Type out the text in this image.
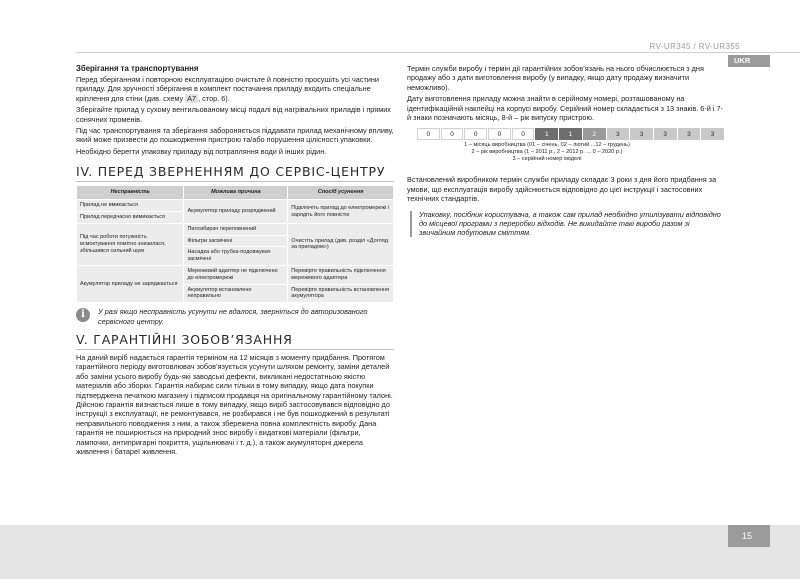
RV-UR345 / RV-UR355
UKR
Зберігання та транспортування

Перед зберіганням і повторною експлуатацією очистьте й повністю просушіть усі частини приладу. Для зручності зберігання в комплект постачання приладу входить спеціальне кріплення для стіни (див. схему A7 , стор. 6).

Зберігайте прилад у сухому вентильованому місці подалі від нагрівальних приладів і прямих сонячних променів.

Під час транспортування та зберігання забороняється піддавати прилад механічному впливу, який може призвести до пошкодження пристрою та/або порушення цілісності упаковки.

Необхідно берегти упаковку приладу від потрапляння води й інших рідин.

IV. ПЕРЕД ЗВЕРНЕННЯМ ДО СЕРВІС-ЦЕНТРУ
Несправність	Можлива причина	Спосіб усунення
Прилад не вмикається	Акумулятор приладу розряджений	Підключіть прилад до електромережі і зарядіть його повністю
Прилад передчасно вимикається		
Під час роботи потужність всмоктування помітно знизилася, збільшився сильний шум	Пилозбирач переповнений	Очистіть прилад (див. розділ «Догляд за приладом»)
	Фільтри засмічені	
	Насадка або трубка-подовжувач засмічені	
Акумулятор приладу не заряджається	Мережевий адаптер не підключено до електромережі	Перевірте правильність підключення мережевого адаптера
	Акумулятор встановлено неправильно	Перевірте правильність встановлення акумулятора
i	У разі якщо несправність усунути не вдалося, зверніться до авторизованого сервісного центру.

V. ГАРАНТІЙНІ ЗОБОВ’ЯЗАННЯ

На даний виріб надається гарантія терміном на 12 місяців з моменту придбання. Протягом гарантійного періоду виготовлювач зобов’язується усунути шляхом ремонту, заміни деталей або заміни усього виробу будь-які заводські дефекти, викликані недостатньою якістю матеріалів або зборки. Гарантія набирає сили тільки в тому випадку, якщо дата покупки підтверджена печаткою магазину і підписом продавця на оригінальному гарантійному талоні. Дійсною гарантія визнається лише в тому випадку, якщо виріб застосовувався відповідно до інструкції з експлуатації, не ремонтувався, не розбирався і не був пошкоджений в результаті неправильного поводження з ним, а також збережена повна комплектність виробу. Дана гарантія не поширюється на природний знос виробу і видаткові матеріали (фільтри, лампочки, антипригарні покриття, ущільнювачі і т. д.), а також акумуляторні джерела живлення і батареї живлення.

Термін служби виробу і термін дії гарантійних зобов’язань на нього обчислюється з дня продажу або з дати виготовлення виробу (у випадку, якщо дату продажу визначити неможливо).

Дату виготовлення приладу можна знайти в серійному номері, розташованому на ідентифікаційній наклейці на корпусі виробу. Серійний номер складається з 13 знаків. 6-й і 7-й знаки позначають місяць, 8-й – рік випуску пристрою.

0	0	0	0	0	1	1	2	3	3	3	3	3
1 – місяць виробництва (01 – січень, 02 – лютий ...12 – грудень)
2 – рік виробництва (1 – 2011 р., 2 – 2012 р. ... 0 – 2020 р.)
3 – серійний номер моделі

Встановлений виробником термін служби приладу складає 3 роки з дня його придбання за умови, що експлуатація виробу здійснюється відповідно до цієї інструкції і застосовних технічних стандартів.

Упаковку, посібник користувача, а також сам прилад необхідно утилізувати відповідно до місцевої програми з переробки відходів. Не викидайте такі вироби разом зі звичайним побутовим сміттям.

15
